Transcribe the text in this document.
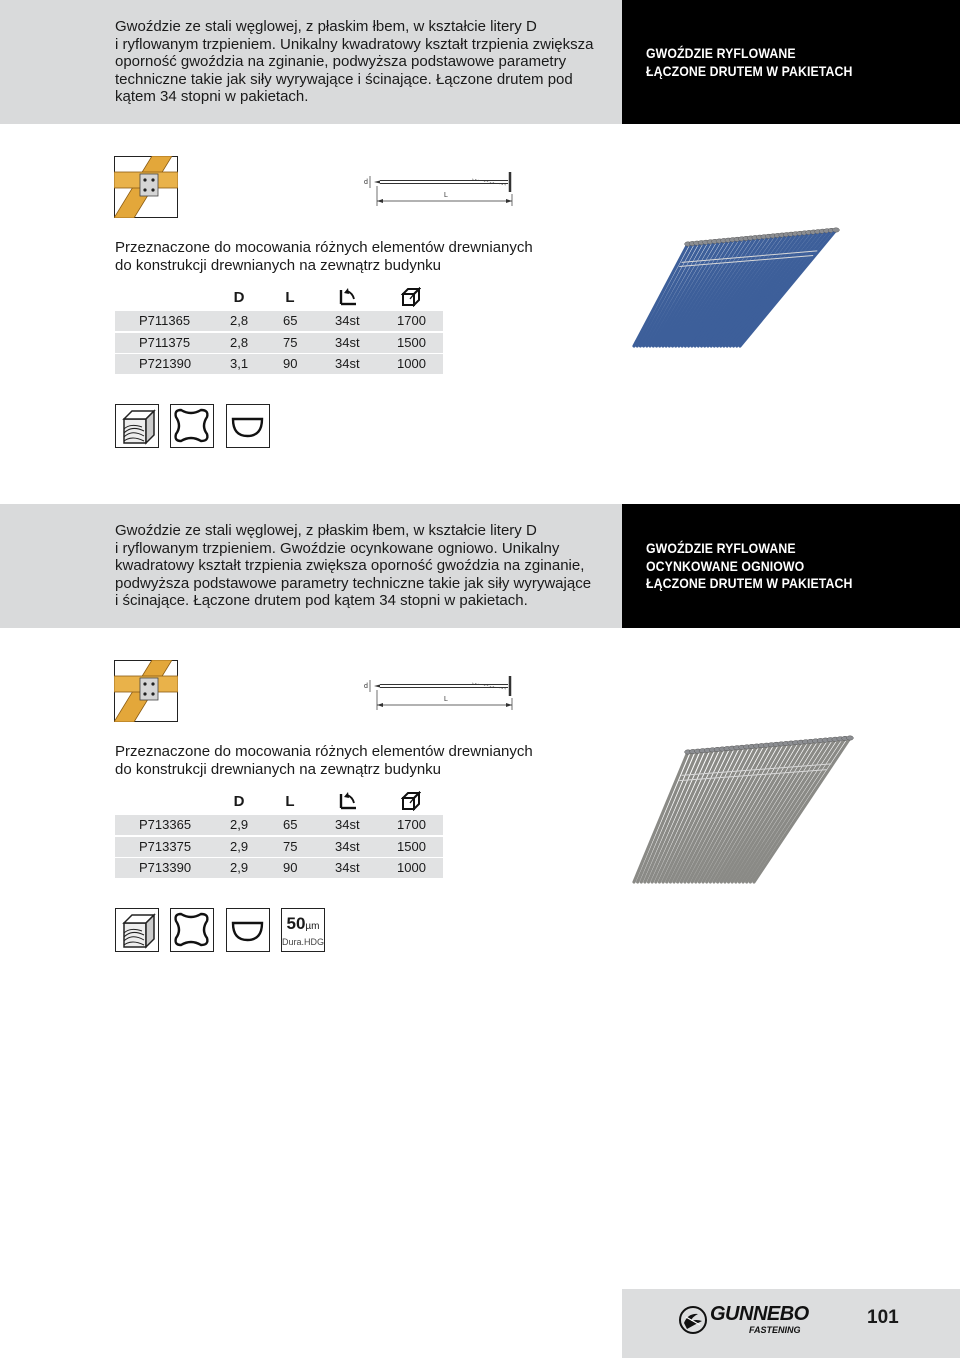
Gwoździe ze stali węglowej, z płaskim łbem, w kształcie litery D
i ryflowanym trzpieniem. Unikalny kwadratowy kształt trzpienia zwiększa
oporność gwoździa na zginanie, podwyższa podstawowe parametry
techniczne takie jak siły wyrywające i ścinające. Łączone drutem pod
kątem 34 stopni w pakietach.
GWOŹDZIE RYFLOWANE
ŁĄCZONE DRUTEM W PAKIETACH
d
L
Przeznaczone do mocowania różnych elementów drewnianych
do konstrukcji drewnianych na zewnątrz budynku
D	L
P711365	2,8	65	34st	1700
P711375	2,8	75	34st	1500
P721390	3,1	90	34st	1000
Gwoździe ze stali węglowej, z płaskim łbem, w kształcie litery D
i ryflowanym trzpieniem. Gwoździe ocynkowane ogniowo. Unikalny
kwadratowy kształt trzpienia zwiększa oporność gwoździa na zginanie,
podwyższa podstawowe parametry techniczne takie jak siły wyrywające
i ścinające. Łączone drutem pod kątem 34 stopni w pakietach.
GWOŹDZIE RYFLOWANE
OCYNKOWANE OGNIOWO
ŁĄCZONE DRUTEM W PAKIETACH
d
L
Przeznaczone do mocowania różnych elementów drewnianych
do konstrukcji drewnianych na zewnątrz budynku
D	L
P713365	2,9	65	34st	1700
P713375	2,9	75	34st	1500
P713390	2,9	90	34st	1000
50µm
Dura.HDG
GUNNEBO
FASTENING
101
